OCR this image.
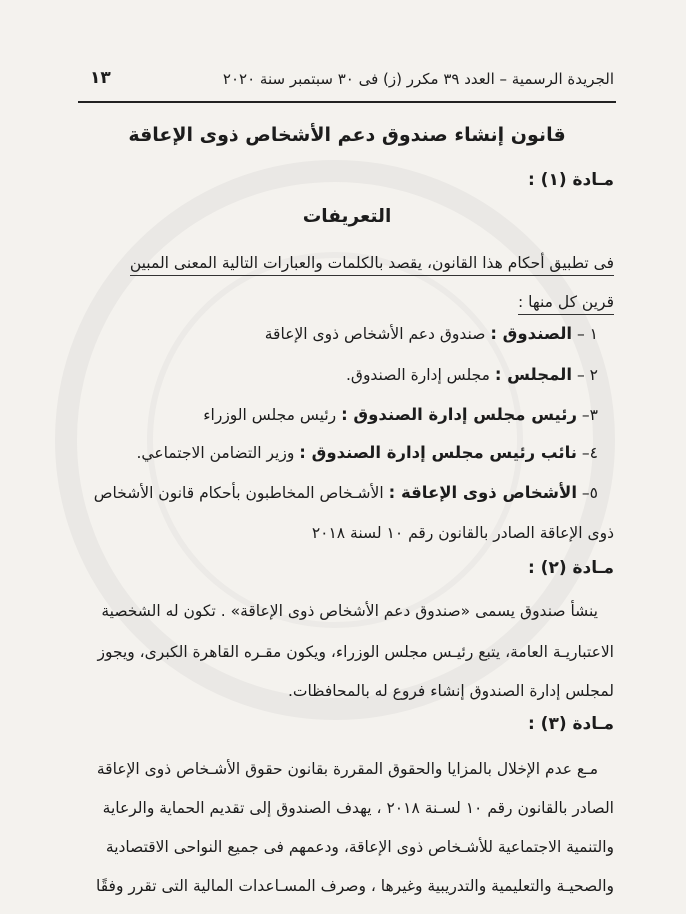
الجريدة الرسمية – العدد ٣٩ مكرر (ز) فى ٣٠ سبتمبر سنة ٢٠٢٠
١٣
قانون إنشاء صندوق دعم الأشخاص ذوى الإعاقة
مـادة (١) :
التعريفات
فى تطبيق أحكام هذا القانون، يقصد بالكلمات والعبارات التالية المعنى المبين
قرين كل منها :
١ – الصندوق : صندوق دعم الأشخاص ذوى الإعاقة
٢ – المجلس : مجلس إدارة الصندوق.
٣– رئيس مجلس إدارة الصندوق : رئيس مجلس الوزراء
٤– نائب رئيس مجلس إدارة الصندوق : وزير التضامن الاجتماعي.
٥– الأشخاص ذوى الإعاقة : الأشـخاص المخاطبون بأحكام قانون الأشخاص
ذوى الإعاقة الصادر بالقانون رقم ١٠ لسنة ٢٠١٨
مـادة (٢) :
ينشأ صندوق يسمى «صندوق دعم الأشخاص ذوى الإعاقة» . تكون له الشخصية
الاعتباريـة العامة، يتبع رئيـس مجلس الوزراء، ويكون مقـره القاهرة الكبرى، ويجوز
لمجلس إدارة الصندوق إنشاء فروع له بالمحافظات.
مـادة (٣) :
مـع عدم الإخلال بالمزايا والحقوق المقررة بقانون حقوق الأشـخاص ذوى الإعاقة
الصادر بالقانون رقم ١٠ لسـنة ٢٠١٨ ، يهدف الصندوق إلى تقديم الحماية والرعاية
والتنمية الاجتماعية للأشـخاص ذوى الإعاقة، ودعمهم فى جميع النواحى الاقتصادية
والصحيـة والتعليمية والتدريبية وغيرها ، وصرف المسـاعدات المالية التى تقرر وفقًا
